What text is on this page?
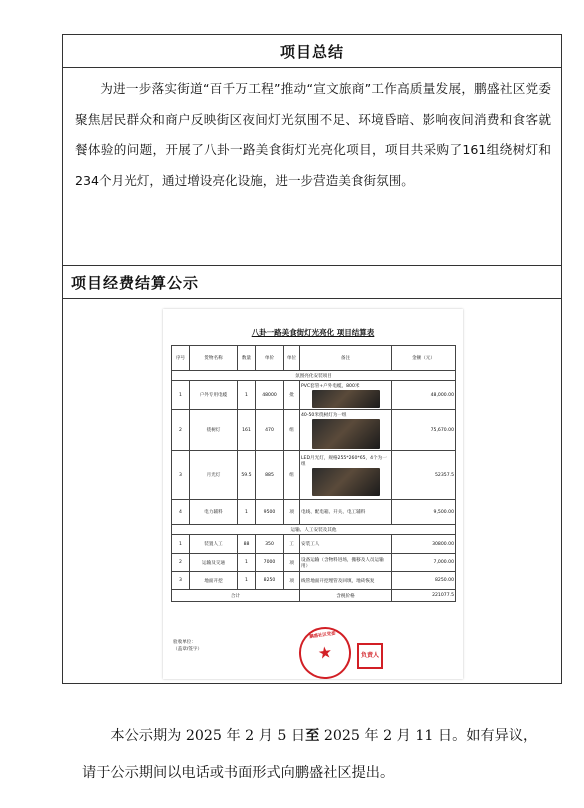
项目总结

为进一步落实街道“百千万工程”推动“宣文旅商”工作高质量发展，鹏盛社区党委聚焦居民群众和商户反映街区夜间灯光氛围不足、环境昏暗、影响夜间消费和食客就餐体验的问题，开展了八卦一路美食街灯光亮化项目，项目共采购了161组绕树灯和234个月光灯，通过增设亮化设施，进一步营造美食街氛围。

项目经费结算公示
八卦一路美食街灯光亮化 项目结算表
序号	货物名称	数量	单价	单位	备注	金额（元）
氛围亮化安装项目						
1	户外专用电缆	1	48000	批	PVC套管+户外电缆，800米	48,000.00
2	绕树灯	161	470	组	40-50米绕树灯为一组	75,670.00
3	月光灯	59.5	885	组	LED月光灯，规格255*260*65，4个为一组	52357.5
4	电力辅料	1	9500	项	电线、配电箱、开关、电工辅料	9,500.00
运输、人工安装及其他						
1	装置人工	88	350	工	安装工人	30800.00
2	运输及交通	1	7000	项	设备运输（含物料进场，搬移及人员运输用）	7,000.00
3	地面开挖	1	8250	项	线管地面开挖埋管及回填，地砖恢复	8250.00
合计					含税价格	221077.5
验收单位：
（盖章/签字）
鹏盛社区党委
★	负责人

本公示期为 2025 年 2 月 5 日至 2025 年 2 月 11 日。如有异议，请于公示期间以电话或书面形式向鹏盛社区提出。
